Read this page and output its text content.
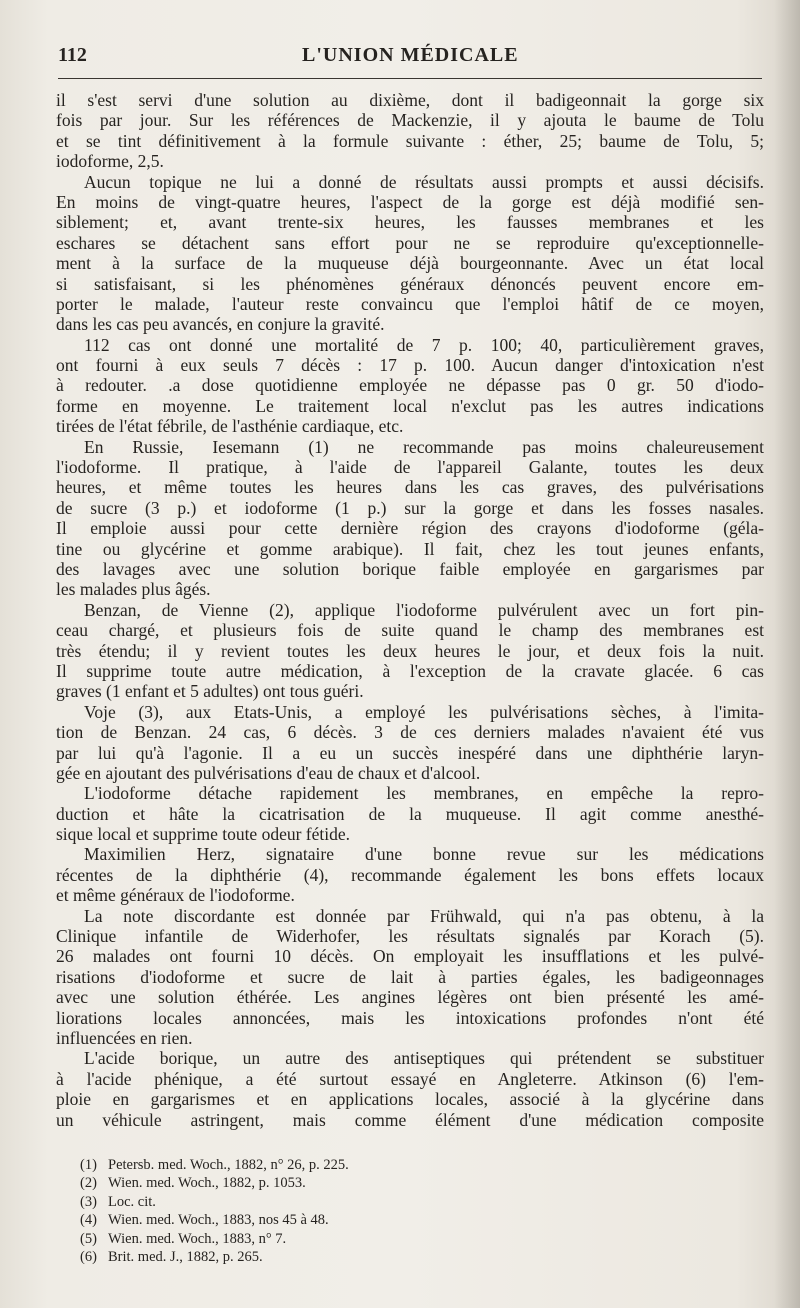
112	L'UNION MÉDICALE
il s'est servi d'une solution au dixième, dont il badigeonnait la gorge six
fois par jour. Sur les références de Mackenzie, il y ajouta le baume de Tolu
et se tint définitivement à la formule suivante : éther, 25; baume de Tolu, 5;
iodoforme, 2,5.
Aucun topique ne lui a donné de résultats aussi prompts et aussi décisifs.
En moins de vingt-quatre heures, l'aspect de la gorge est déjà modifié sen-
siblement; et, avant trente-six heures, les fausses membranes et les
eschares se détachent sans effort pour ne se reproduire qu'exceptionnelle-
ment à la surface de la muqueuse déjà bourgeonnante. Avec un état local
si satisfaisant, si les phénomènes généraux dénoncés peuvent encore em-
porter le malade, l'auteur reste convaincu que l'emploi hâtif de ce moyen,
dans les cas peu avancés, en conjure la gravité.
112 cas ont donné une mortalité de 7 p. 100; 40, particulièrement graves,
ont fourni à eux seuls 7 décès : 17 p. 100. Aucun danger d'intoxication n'est
à redouter. .a dose quotidienne employée ne dépasse pas 0 gr. 50 d'iodo-
forme en moyenne. Le traitement local n'exclut pas les autres indications
tirées de l'état fébrile, de l'asthénie cardiaque, etc.
En Russie, Iesemann (1) ne recommande pas moins chaleureusement
l'iodoforme. Il pratique, à l'aide de l'appareil Galante, toutes les deux
heures, et même toutes les heures dans les cas graves, des pulvérisations
de sucre (3 p.) et iodoforme (1 p.) sur la gorge et dans les fosses nasales.
Il emploie aussi pour cette dernière région des crayons d'iodoforme (géla-
tine ou glycérine et gomme arabique). Il fait, chez les tout jeunes enfants,
des lavages avec une solution borique faible employée en gargarismes par
les malades plus âgés.
Benzan, de Vienne (2), applique l'iodoforme pulvérulent avec un fort pin-
ceau chargé, et plusieurs fois de suite quand le champ des membranes est
très étendu; il y revient toutes les deux heures le jour, et deux fois la nuit.
Il supprime toute autre médication, à l'exception de la cravate glacée. 6 cas
graves (1 enfant et 5 adultes) ont tous guéri.
Voje (3), aux Etats-Unis, a employé les pulvérisations sèches, à l'imita-
tion de Benzan. 24 cas, 6 décès. 3 de ces derniers malades n'avaient été vus
par lui qu'à l'agonie. Il a eu un succès inespéré dans une diphthérie laryn-
gée en ajoutant des pulvérisations d'eau de chaux et d'alcool.
L'iodoforme détache rapidement les membranes, en empêche la repro-
duction et hâte la cicatrisation de la muqueuse. Il agit comme anesthé-
sique local et supprime toute odeur fétide.
Maximilien Herz, signataire d'une bonne revue sur les médications
récentes de la diphthérie (4), recommande également les bons effets locaux
et même généraux de l'iodoforme.
La note discordante est donnée par Frühwald, qui n'a pas obtenu, à la
Clinique infantile de Widerhofer, les résultats signalés par Korach (5).
26 malades ont fourni 10 décès. On employait les insufflations et les pulvé-
risations d'iodoforme et sucre de lait à parties égales, les badigeonnages
avec une solution éthérée. Les angines légères ont bien présenté les amé-
liorations locales annoncées, mais les intoxications profondes n'ont été
influencées en rien.
L'acide borique, un autre des antiseptiques qui prétendent se substituer
à l'acide phénique, a été surtout essayé en Angleterre. Atkinson (6) l'em-
ploie en gargarismes et en applications locales, associé à la glycérine dans
un véhicule astringent, mais comme élément d'une médication composite
(1) Petersb. med. Woch., 1882, n° 26, p. 225.
(2) Wien. med. Woch., 1882, p. 1053.
(3) Loc. cit.
(4) Wien. med. Woch., 1883, nos 45 à 48.
(5) Wien. med. Woch., 1883, n° 7.
(6) Brit. med. J., 1882, p. 265.
